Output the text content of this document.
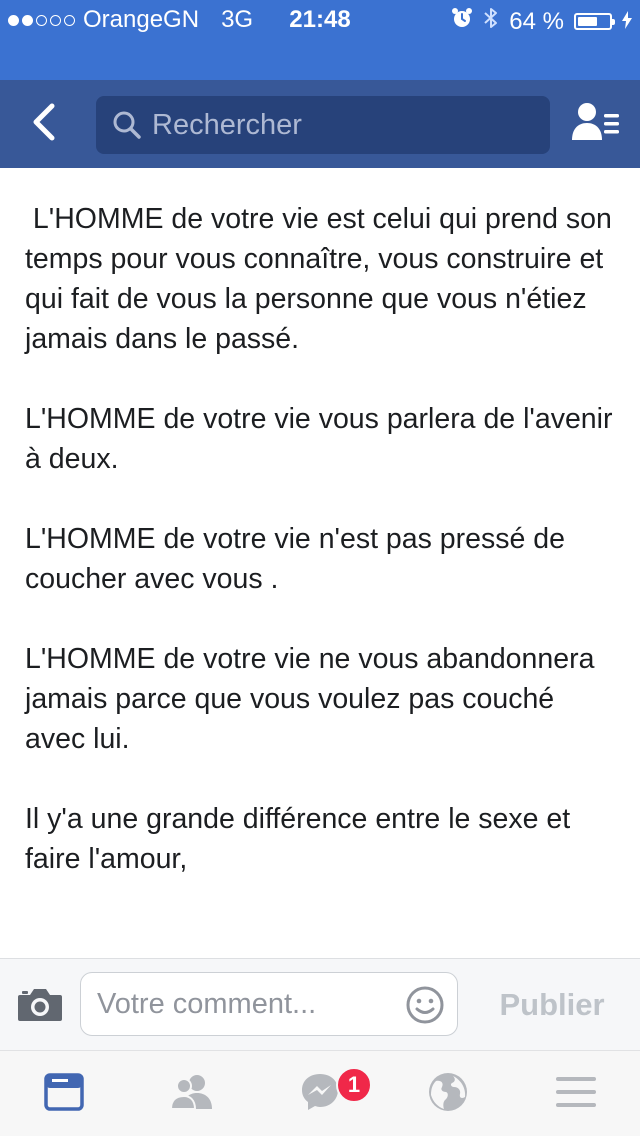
OrangeGN 3G	21:48	64 %
Rechercher

L'HOMME de votre vie est celui qui prend son temps pour vous connaître, vous construire et qui fait de vous la personne que vous n'étiez jamais dans le passé.

L'HOMME de votre vie vous parlera de l'avenir à deux.

L'HOMME de votre vie n'est pas pressé de coucher avec vous .

L'HOMME de votre vie ne vous abandonnera jamais parce que vous voulez pas couché avec lui.

Il y'a une grande différence entre le sexe et faire l'amour,

Votre comment...
Publier
1
